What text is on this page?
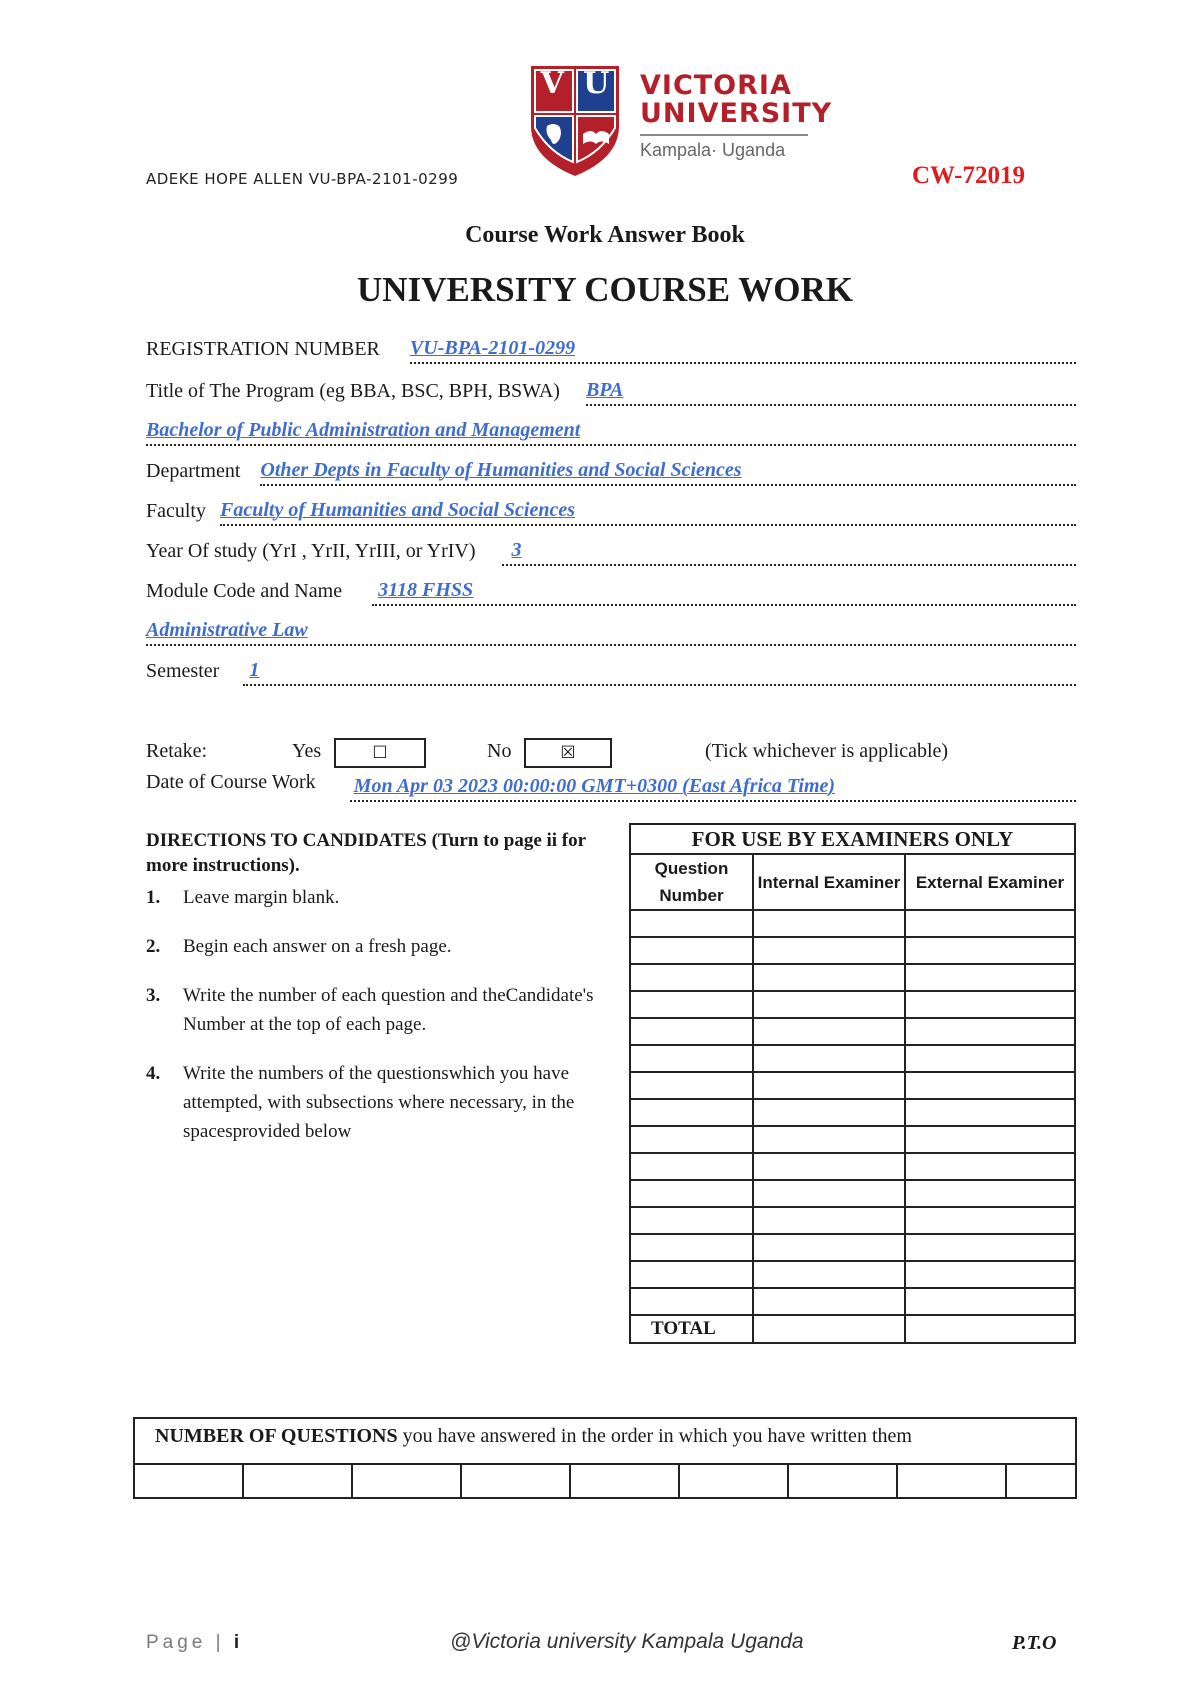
V U VICTORIA
UNIVERSITY
Kampala· Uganda
ADEKE HOPE ALLEN VU-BPA-2101-0299	CW-72019
Course Work Answer Book
UNIVERSITY COURSE WORK
REGISTRATION NUMBER VU-BPA-2101-0299
Title of The Program (eg BBA, BSC, BPH, BSWA) BPA
Bachelor of Public Administration and Management
Department Other Depts in Faculty of Humanities and Social Sciences
Faculty Faculty of Humanities and Social Sciences
Year Of study (YrI , YrII, YrIII, or YrIV) 3
Module Code and Name 3118 FHSS
Administrative Law
Semester 1
Retake:	Yes	☐	No	☒	(Tick whichever is applicable)
Date of Course Work Mon Apr 03 2023 00:00:00 GMT+0300 (East Africa Time)
DIRECTIONS TO CANDIDATES (Turn to page ii for more instructions).
1.	Leave margin blank.
2.	Begin each answer on a fresh page.
3.	Write the number of each question and theCandidate's Number at the top of each page.
4.	Write the numbers of the questionswhich you have attempted, with subsections where necessary, in the spacesprovided below
FOR USE BY EXAMINERS ONLY		
Question Number	Internal Examiner	External Examiner

TOTAL		
NUMBER OF QUESTIONS you have answered in the order in which you have written them
Page | i	@Victoria university Kampala Uganda	P.T.O
